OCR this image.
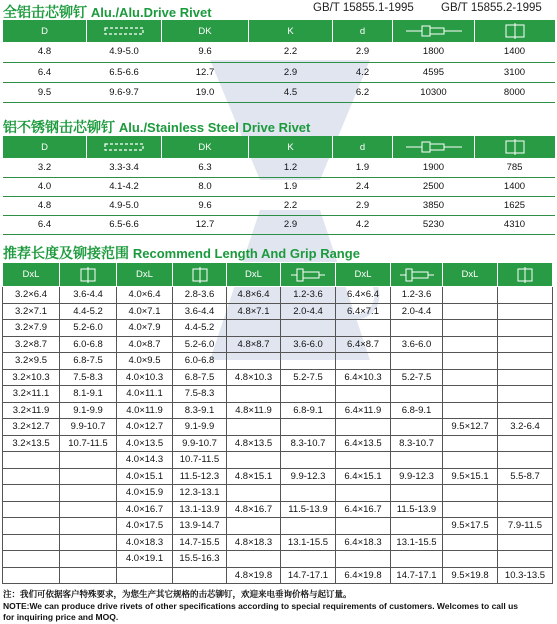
全铝击芯铆钉 Alu./Alu.Drive Rivet	GB/T 15855.1-1995 GB/T 15855.2-1995
D		DK	K	d		
4.8	4.9-5.0	9.6	2.2	2.9	1800	1400
6.4	6.5-6.6	12.7	2.9	4.2	4595	3100
9.5	9.6-9.7	19.0	4.5	6.2	10300	8000
铝不锈钢击芯铆钉 Alu./Stainless Steel Drive Rivet
D		DK	K	d		
3.2	3.3-3.4	6.3	1.2	1.9	1900	785
4.0	4.1-4.2	8.0	1.9	2.4	2500	1400
4.8	4.9-5.0	9.6	2.2	2.9	3850	1625
6.4	6.5-6.6	12.7	2.9	4.2	5230	4310
推荐长度及铆接范围 Recommend Length And Grip Range
DxL		DxL		DxL		DxL		DxL	
3.2×6.4	3.6-4.4	4.0×6.4	2.8-3.6	4.8×6.4	1.2-3.6	6.4×6.4	1.2-3.6		
3.2×7.1	4.4-5.2	4.0×7.1	3.6-4.4	4.8×7.1	2.0-4.4	6.4×7.1	2.0-4.4		
3.2×7.9	5.2-6.0	4.0×7.9	4.4-5.2						
3.2×8.7	6.0-6.8	4.0×8.7	5.2-6.0	4.8×8.7	3.6-6.0	6.4×8.7	3.6-6.0		
3.2×9.5	6.8-7.5	4.0×9.5	6.0-6.8						
3.2×10.3	7.5-8.3	4.0×10.3	6.8-7.5	4.8×10.3	5.2-7.5	6.4×10.3	5.2-7.5		
3.2×11.1	8.1-9.1	4.0×11.1	7.5-8.3						
3.2×11.9	9.1-9.9	4.0×11.9	8.3-9.1	4.8×11.9	6.8-9.1	6.4×11.9	6.8-9.1		
3.2×12.7	9.9-10.7	4.0×12.7	9.1-9.9					9.5×12.7	3.2-6.4
3.2×13.5	10.7-11.5	4.0×13.5	9.9-10.7	4.8×13.5	8.3-10.7	6.4×13.5	8.3-10.7		
		4.0×14.3	10.7-11.5						
		4.0×15.1	11.5-12.3	4.8×15.1	9.9-12.3	6.4×15.1	9.9-12.3	9.5×15.1	5.5-8.7
		4.0×15.9	12.3-13.1						
		4.0×16.7	13.1-13.9	4.8×16.7	11.5-13.9	6.4×16.7	11.5-13.9		
		4.0×17.5	13.9-14.7					9.5×17.5	7.9-11.5
		4.0×18.3	14.7-15.5	4.8×18.3	13.1-15.5	6.4×18.3	13.1-15.5		
		4.0×19.1	15.5-16.3						
				4.8×19.8	14.7-17.1	6.4×19.8	14.7-17.1	9.5×19.8	10.3-13.5
注：我们可依据客户特殊要求，为您生产其它规格的击芯铆钉，欢迎来电垂询价格与起订量。
NOTE:We can produce drive rivets of other specifications according to special requirements of customers. Welcomes to call us
for inquiring price and MOQ.
